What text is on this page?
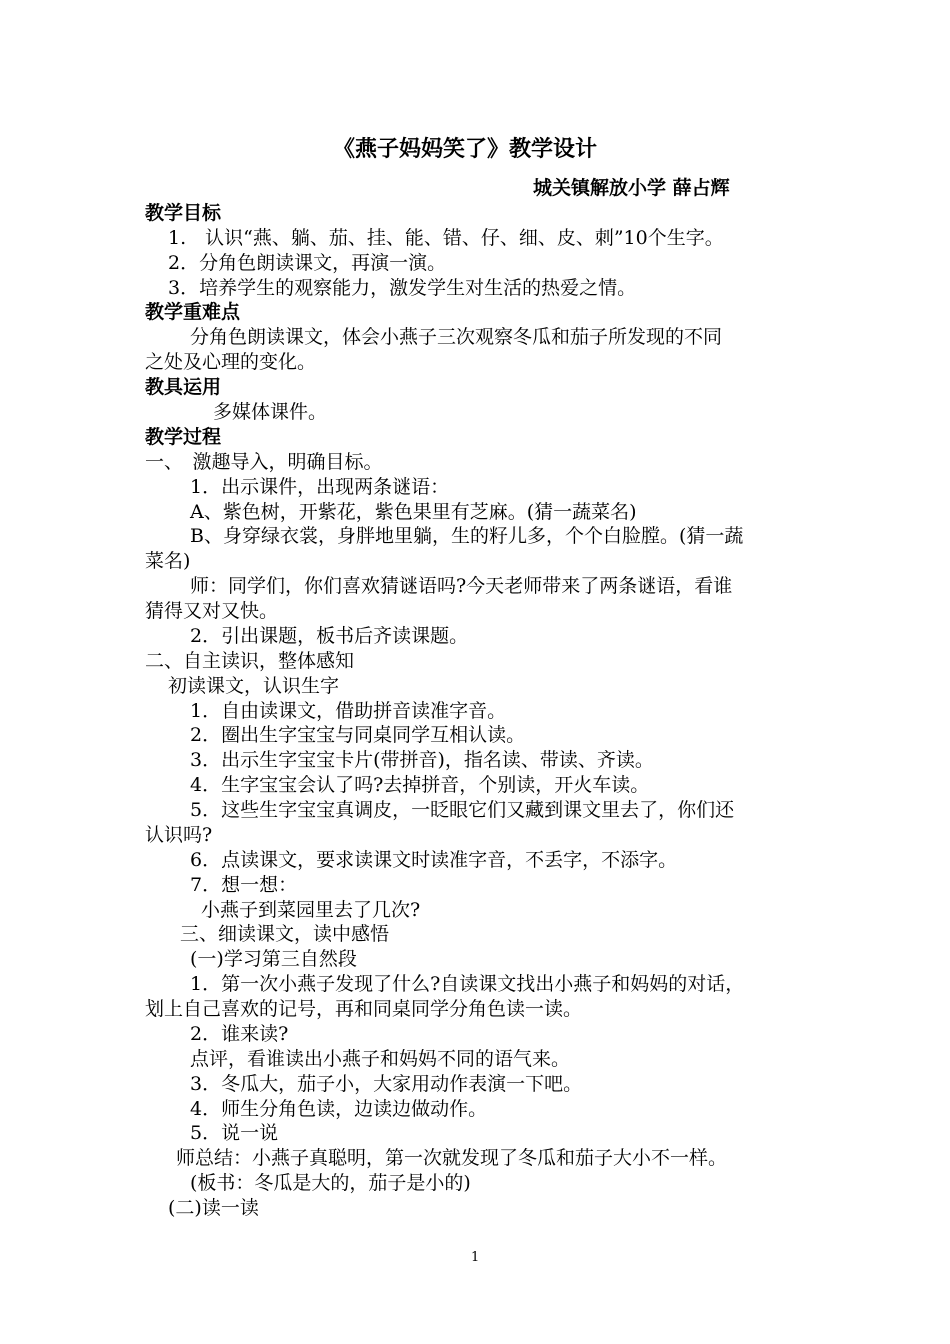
《燕子妈妈笑了》教学设计
城关镇解放小学 薛占辉
教学目标
1.　认识“燕、躺、茄、挂、能、错、仔、细、皮、刺”10个生字。
2．分角色朗读课文，再演一演。
3．培养学生的观察能力，激发学生对生活的热爱之情。
教学重难点
分角色朗读课文，体会小燕子三次观察冬瓜和茄子所发现的不同
之处及心理的变化。
教具运用
多媒体课件。
教学过程
一、　激趣导入，明确目标。
1．出示课件，出现两条谜语：
A、紫色树，开紫花，紫色果里有芝麻。(猜一蔬菜名)
B、身穿绿衣裳，身胖地里躺，生的籽儿多，个个白脸膛。(猜一蔬
菜名)
师：同学们，你们喜欢猜谜语吗?今天老师带来了两条谜语，看谁
猜得又对又快。
2．引出课题，板书后齐读课题。
二、自主读识，整体感知
初读课文，认识生字
1．自由读课文，借助拼音读准字音。
2．圈出生字宝宝与同桌同学互相认读。
3．出示生字宝宝卡片(带拼音)，指名读、带读、齐读。
4．生字宝宝会认了吗?去掉拼音，个别读，开火车读。
5．这些生字宝宝真调皮，一眨眼它们又藏到课文里去了，你们还
认识吗?
6．点读课文，要求读课文时读准字音，不丢字，不添字。
7．想一想：
小燕子到菜园里去了几次?
三、细读课文，读中感悟
(一)学习第三自然段
1．第一次小燕子发现了什么?自读课文找出小燕子和妈妈的对话，
划上自己喜欢的记号，再和同桌同学分角色读一读。
2．谁来读?
点评，看谁读出小燕子和妈妈不同的语气来。
3．冬瓜大，茄子小，大家用动作表演一下吧。
4．师生分角色读，边读边做动作。
5．说一说
师总结：小燕子真聪明，第一次就发现了冬瓜和茄子大小不一样。
(板书：冬瓜是大的，茄子是小的)
(二)读一读
1
